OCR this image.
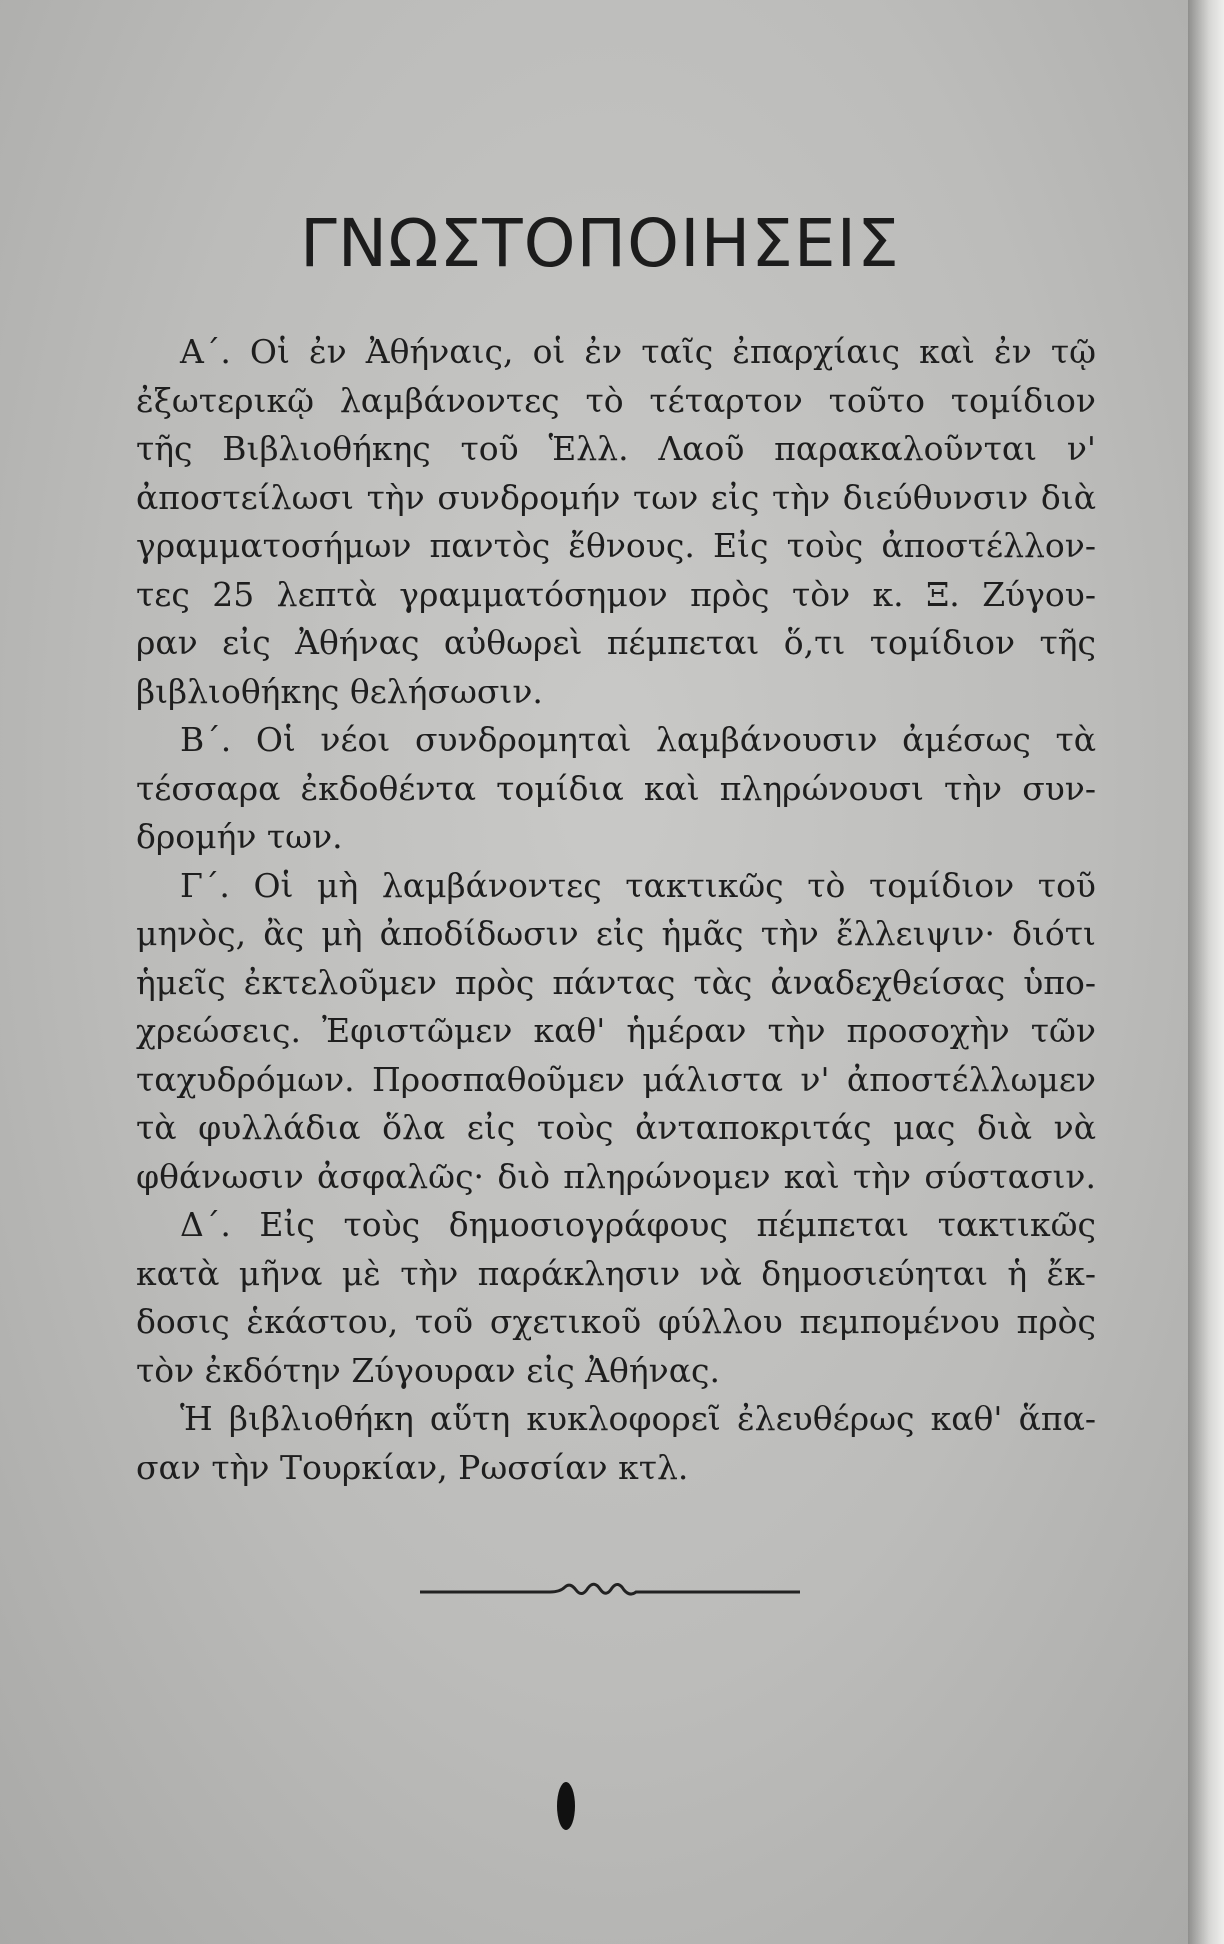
ΓΝΩΣΤΟΠΟΙΗΣΕΙΣ
Α΄. Οἱ ἐν Ἀθήναις, οἱ ἐν ταῖς ἐπαρχίαις καὶ ἐν τῷ
ἐξωτερικῷ λαμβάνοντες τὸ τέταρτον τοῦτο τομίδιον
τῆς Βιβλιοθήκης τοῦ Ἑλλ. Λαοῦ παρακαλοῦνται ν'
ἀποστείλωσι τὴν συνδρομήν των εἰς τὴν διεύθυνσιν διὰ
γραμματοσήμων παντὸς ἔθνους. Εἰς τοὺς ἀποστέλλον-
τες 25 λεπτὰ γραμματόσημον πρὸς τὸν κ. Ξ. Ζύγου-
ραν εἰς Ἀθήνας αὐθωρεὶ πέμπεται ὅ,τι τομίδιον τῆς
βιβλιοθήκης θελήσωσιν.
Β΄. Οἱ νέοι συνδρομηταὶ λαμβάνουσιν ἀμέσως τὰ
τέσσαρα ἐκδοθέντα τομίδια καὶ πληρώνουσι τὴν συν-
δρομήν των.
Γ΄. Οἱ μὴ λαμβάνοντες τακτικῶς τὸ τομίδιον τοῦ
μηνὸς, ἂς μὴ ἀποδίδωσιν εἰς ἡμᾶς τὴν ἔλλειψιν· διότι
ἡμεῖς ἐκτελοῦμεν πρὸς πάντας τὰς ἀναδεχθείσας ὑπο-
χρεώσεις. Ἐφιστῶμεν καθ' ἡμέραν τὴν προσοχὴν τῶν
ταχυδρόμων. Προσπαθοῦμεν μάλιστα ν' ἀποστέλλωμεν
τὰ φυλλάδια ὅλα εἰς τοὺς ἀνταποκριτάς μας διὰ νὰ
φθάνωσιν ἀσφαλῶς· διὸ πληρώνομεν καὶ τὴν σύστασιν.
Δ΄. Εἰς τοὺς δημοσιογράφους πέμπεται τακτικῶς
κατὰ μῆνα μὲ τὴν παράκλησιν νὰ δημοσιεύηται ἡ ἔκ-
δοσις ἑκάστου, τοῦ σχετικοῦ φύλλου πεμπομένου πρὸς
τὸν ἐκδότην Ζύγουραν εἰς Ἀθήνας.
Ἡ βιβλιοθήκη αὕτη κυκλοφορεῖ ἐλευθέρως καθ' ἅπα-
σαν τὴν Τουρκίαν, Ρωσσίαν κτλ.
